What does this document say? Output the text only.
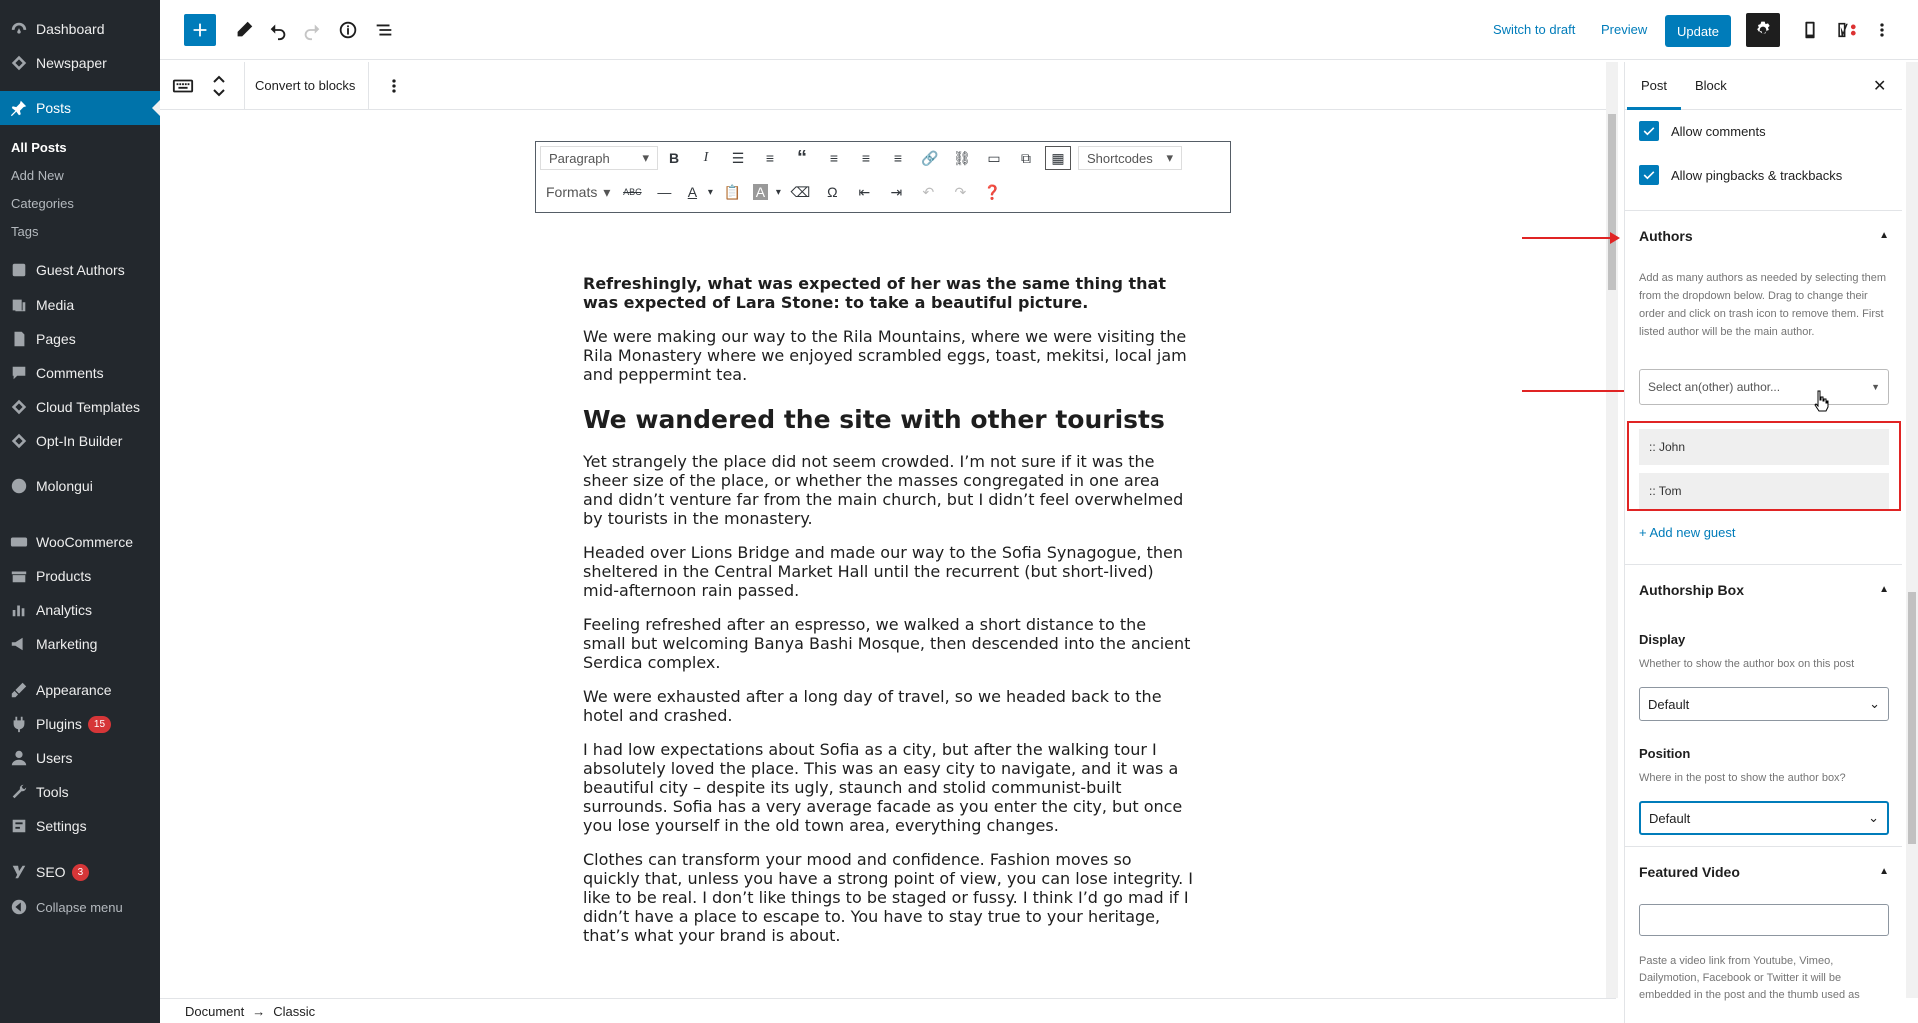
Dashboard
Newspaper
Posts
All Posts
Add New
Categories
Tags
Guest Authors
Media
Pages
Comments
Cloud Templates
Opt-In Builder
Molongui
WooCommerce
Products
Analytics
Marketing
Appearance
Plugins	15
Users
Tools
Settings
SEO	3
Collapse menu
Switch to draft Preview	Update
Convert to blocks
Paragraph	▾	B	I	☰	≡	“	≡	≡	≡	🔗	⛓	▭	⧉	▦	Shortcodes ▾
Formats ▾	ABC	—	A	▾ 📋	A	▾ ⌫	Ω	⇤	⇥	↶	↷	❓

Refreshingly, what was expected of her was the same thing that was expected of Lara Stone: to take a beautiful picture.

We were making our way to the Rila Mountains, where we were visiting the Rila Monastery where we enjoyed scrambled eggs, toast, mekitsi, local jam and peppermint tea.

We wandered the site with other tourists

Yet strangely the place did not seem crowded. I’m not sure if it was the sheer size of the place, or whether the masses congregated in one area and didn’t venture far from the main church, but I didn’t feel overwhelmed by tourists in the monastery.

Headed over Lions Bridge and made our way to the Sofia Synagogue, then sheltered in the Central Market Hall until the recurrent (but short-lived) mid-afternoon rain passed.

Feeling refreshed after an espresso, we walked a short distance to the small but welcoming Banya Bashi Mosque, then descended into the ancient Serdica complex.

We were exhausted after a long day of travel, so we headed back to the hotel and crashed.

I had low expectations about Sofia as a city, but after the walking tour I absolutely loved the place. This was an easy city to navigate, and it was a beautiful city – despite its ugly, staunch and stolid communist-built surrounds. Sofia has a very average facade as you enter the city, but once you lose yourself in the old town area, everything changes.

Clothes can transform your mood and confidence. Fashion moves so quickly that, unless you have a strong point of view, you can lose integrity. I like to be real. I don’t like things to be staged or fussy. I think I’d go mad if I didn’t have a place to escape to. You have to stay true to your heritage, that’s what your brand is about.

Document → Classic
Post Block	✕
Allow comments
Allow pingbacks & trackbacks
Authors	▲
Add as many authors as needed by selecting them from the dropdown below. Drag to change their order and click on trash icon to remove them. First listed author will be the main author.
Select an(other) author...	▼
:: John
:: Tom
+ Add new guest
Authorship Box	▲
Display
Whether to show the author box on this post
Default	⌄
Position
Where in the post to show the author box?
Default	⌄
Featured Video	▲
Paste a video link from Youtube, Vimeo, Dailymotion, Facebook or Twitter it will be embedded in the post and the thumb used as
